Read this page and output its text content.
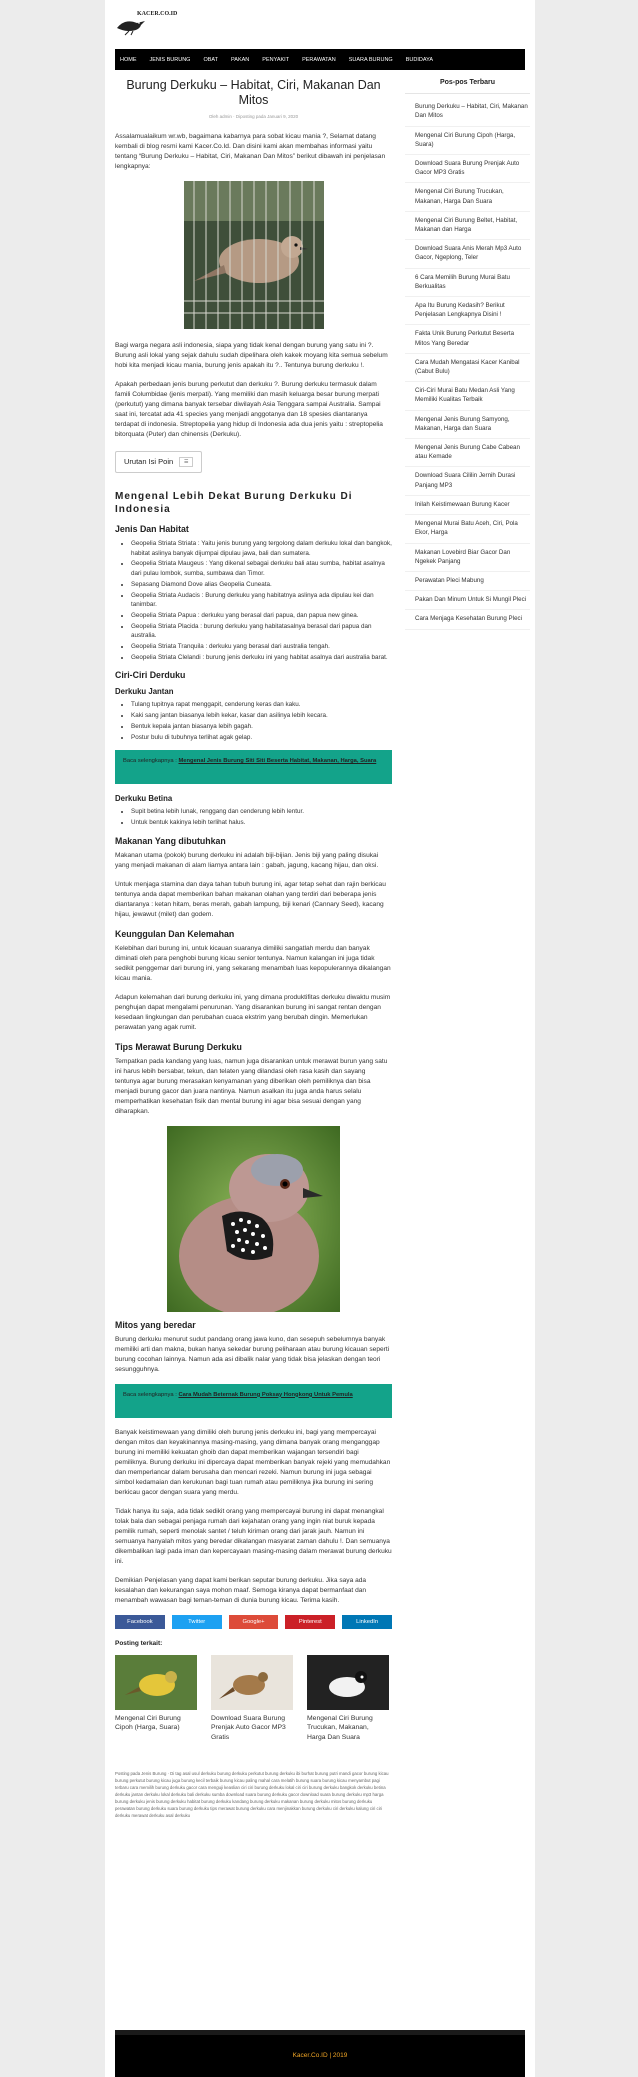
KACER.CO.ID
HOME JENIS BURUNG OBAT PAKAN PENYAKIT PERAWATAN SUARA BURUNG BUDIDAYA
Burung Derkuku – Habitat, Ciri, Makanan Dan Mitos
Oleh admin · Diposting pada Januari 9, 2020

Assalamualaikum wr.wb, bagaimana kabarnya para sobat kicau mania ?, Selamat datang kembali di blog resmi kami Kacer.Co.Id. Dan disini kami akan membahas informasi yaitu tentang “Burung Derkuku – Habitat, Ciri, Makanan Dan Mitos” berikut dibawah ini penjelasan lengkapnya:

Bagi warga negara asli indonesia, siapa yang tidak kenal dengan burung yang satu ini ?. Burung asli lokal yang sejak dahulu sudah dipelihara oleh kakek moyang kita semua sebelum hobi kita menjadi kicau mania, burung jenis apakah itu ?.. Tentunya burung derkuku !.

Apakah perbedaan jenis burung perkutut dan derkuku ?. Burung derkuku termasuk dalam famili Columbidae (jenis merpati). Yang memiliki dan masih keluarga besar burung merpati (perkutut) yang dimana banyak tersebar diwilayah Asia Tenggara sampai Australia. Sampai saat ini, tercatat ada 41 species yang menjadi anggotanya dan 18 spesies diantaranya terdapat di indonesia. Streptopelia yang hidup di Indonesia ada dua jenis yaitu : streptopelia bitorquata (Puter) dan chinensis (Derkuku).

Urutan Isi Poin	☰
Mengenal Lebih Dekat Burung Derkuku Di Indonesia
Jenis Dan Habitat
• Geopelia Striata Striata : Yaitu jenis burung yang tergolong dalam derkuku lokal dan bangkok, habitat aslinya banyak dijumpai dipulau jawa, bali dan sumatera.
• Geopelia Striata Maugeus : Yang dikenal sebagai derkuku bali atau sumba, habitat asalnya dari pulau lombok, sumba, sumbawa dan Timor.
• Sepasang Diamond Dove alias Geopelia Cuneata.
• Geopelia Striata Audacis : Burung derkuku yang habitatnya aslinya ada dipulau kei dan tanimbar.
• Geopelia Striata Papua : derkuku yang berasal dari papua, dan papua new ginea.
• Geopelia Striata Placida : burung derkuku yang habitatasalnya berasal dari papua dan australia.
• Geopelia Striata Tranquila : derkuku yang berasal dari australia tengah.
• Geopelia Striata Clelandi : burung jenis derkuku ini yang habitat asalnya dari australia barat.
Ciri-Ciri Derduku
Derkuku Jantan
• Tulang tupitnya rapat menggapit, cenderung keras dan kaku.
• Kaki sang jantan biasanya lebih kekar, kasar dan asilinya lebih kecara.
• Bentuk kepala jantan biasanya lebih gagah.
• Postur bulu di tubuhnya terlihat agak gelap.
Baca selengkapnya : Mengenal Jenis Burung Siti Siti Beserta Habitat, Makanan, Harga, Suara
Derkuku Betina
• Supit betina lebih lunak, renggang dan cenderung lebih lentur.
• Untuk bentuk kakinya lebih terlihat halus.
Makanan Yang dibutuhkan

Makanan utama (pokok) burung derkuku ini adalah biji-bijian. Jenis biji yang paling disukai yang menjadi makanan di alam liarnya antara lain : gabah, jagung, kacang hijau, dan oksi.

Untuk menjaga stamina dan daya tahan tubuh burung ini, agar tetap sehat dan rajin berkicau tentunya anda dapat memberikan bahan makanan olahan yang terdiri dari beberapa jenis diantaranya : ketan hitam, beras merah, gabah lampung, biji kenari (Cannary Seed), kacang hijau, jewawut (milet) dan godem.

Keunggulan Dan Kelemahan

Kelebihan dari burung ini, untuk kicauan suaranya dimiliki sangatlah merdu dan banyak diminati oleh para penghobi burung kicau senior tentunya. Namun kalangan ini juga tidak sedikit penggemar dari burung ini, yang sekarang menambah luas kepopulerannya dikalangan kicau mania.

Adapun kelemahan dari burung derkuku ini, yang dimana produktifitas derkuku diwaktu musim penghujan dapat mengalami penurunan. Yang disarankan burung ini sangat rentan dengan kesedaan lingkungan dan perubahan cuaca ekstrim yang berubah dingin. Memerlukan perawatan yang agak rumit.

Tips Merawat Burung Derkuku

Tempatkan pada kandang yang luas, namun juga disarankan untuk merawat burun yang satu ini harus lebih bersabar, tekun, dan telaten yang dilandasi oleh rasa kasih dan sayang tentunya agar burung merasakan kenyamanan yang diberikan oleh pemiliknya dan bisa menjadi burung gacor dan juara nantinya. Namun asalkan itu juga anda harus selalu memperhatikan kesehatan fisik dan mental burung ini agar bisa sesuai dengan yang diharapkan.

Mitos yang beredar

Burung derkuku menurut sudut pandang orang jawa kuno, dan sesepuh sebelumnya banyak memiliki arti dan makna, bukan hanya sekedar burung peliharaan atau burung kicauan seperti burung cocohan lainnya. Namun ada asi dibalik nalar yang tidak bisa jelaskan dengan teori sesungguhnya.

Baca selengkapnya : Cara Mudah Beternak Burung Poksay Hongkong Untuk Pemula

Banyak keistimewaan yang dimiliki oleh burung jenis derkuku ini, bagi yang mempercayai dengan mitos dan keyakinannya masing-masing, yang dimana banyak orang menganggap burung ini memiliki kekuatan ghoib dan dapat memberikan wajangan tersendiri bagi pemiliknya. Burung derkuku ini dipercaya dapat memberikan banyak rejeki yang memudahkan dan memperlancar dalam berusaha dan mencari rezeki. Namun burung ini juga sebagai simbol kedamaian dan kerukunan bagi tuan rumah atau pemiliknya jika burung ini sering berkicau gacor dengan suara yang merdu.

Tidak hanya itu saja, ada tidak sedikit orang yang mempercayai burung ini dapat menangkal tolak bala dan sebagai penjaga rumah dari kejahatan orang yang ingin niat buruk kepada pemilik rumah, seperti menolak santet / teluh kiriman orang dari jarak jauh. Namun ini semuanya hanyalah mitos yang beredar dikalangan masyarat zaman dahulu !. Dan semuanya dikembalikan lagi pada iman dan kepercayaan masing-masing dalam merawat burung derkuku ini.

Demikian Penjelasan yang dapat kami berikan seputar burung derkuku. Jika saya ada kesalahan dan kekurangan saya mohon maaf. Semoga kiranya dapat bermanfaat dan menambah wawasan bagi teman-teman di dunia burung kicau. Terima kasih.

Facebook	Twitter	Google+	Pinterest	LinkedIn
Posting terkait:
Mengenal Ciri Burung Cipoh (Harga, Suara)
Download Suara Burung Prenjak Auto Gacor MP3 Gratis
Mengenal Ciri Burung Trucukan, Makanan, Harga Dan Suara
Posting pada Jenis Burung · Di tag asal usul derkuku burung derkuku perkutut burung derkuku ibi burhat burung putri mandi gacor burung kicau burung perkutut burung kicau juga burung kecil terbaik burung kicau paling mahal cara melatih burung suara burung kicau menyambut pagi terbaru cara memilih burung derkuku gacor cara menguji keaslian ciri ciri burung derkuku lokal ciri ciri burung derkuku bangkok derkuku betina derkuku jantan derkuku lokal derkuku bali derkuku sumba download suara burung derkuku gacor download suara burung derkuku mp3 harga burung derkuku jenis burung derkuku habitat burung derkuku kandang burung derkuku makanan burung derkuku mitos burung derkuku perawatan burung derkuku suara burung derkuku tips merawat burung derkuku cara menjinakkan burung derkuku ciri derkuku kalung ciri ciri derkuku merawat derkuku asal derkuku
Pos-pos Terbaru
Burung Derkuku – Habitat, Ciri, Makanan Dan Mitos
Mengenal Ciri Burung Cipoh (Harga, Suara)
Download Suara Burung Prenjak Auto Gacor MP3 Gratis
Mengenal Ciri Burung Trucukan, Makanan, Harga Dan Suara
Mengenal Ciri Burung Beltet, Habitat, Makanan dan Harga
Download Suara Anis Merah Mp3 Auto Gacor, Ngeplong, Teler
6 Cara Memilih Burung Murai Batu Berkualitas
Apa Itu Burung Kedasih? Berikut Penjelasan Lengkapnya Disini !
Fakta Unik Burung Perkutut Beserta Mitos Yang Beredar
Cara Mudah Mengatasi Kacer Kanibal (Cabut Bulu)
Ciri-Ciri Murai Batu Medan Asli Yang Memiliki Kualitas Terbaik
Mengenal Jenis Burung Samyong, Makanan, Harga dan Suara
Mengenal Jenis Burung Cabe Cabean atau Kemade
Download Suara Cililin Jernih Durasi Panjang MP3
Inilah Keistimewaan Burung Kacer
Mengenal Murai Batu Aceh, Ciri, Pola Ekor, Harga
Makanan Lovebird Biar Gacor Dan Ngekek Panjang
Perawatan Pleci Mabung
Pakan Dan Minum Untuk Si Mungil Pleci
Cara Menjaga Kesehatan Burung Pleci
Kacer.Co.ID | 2019
